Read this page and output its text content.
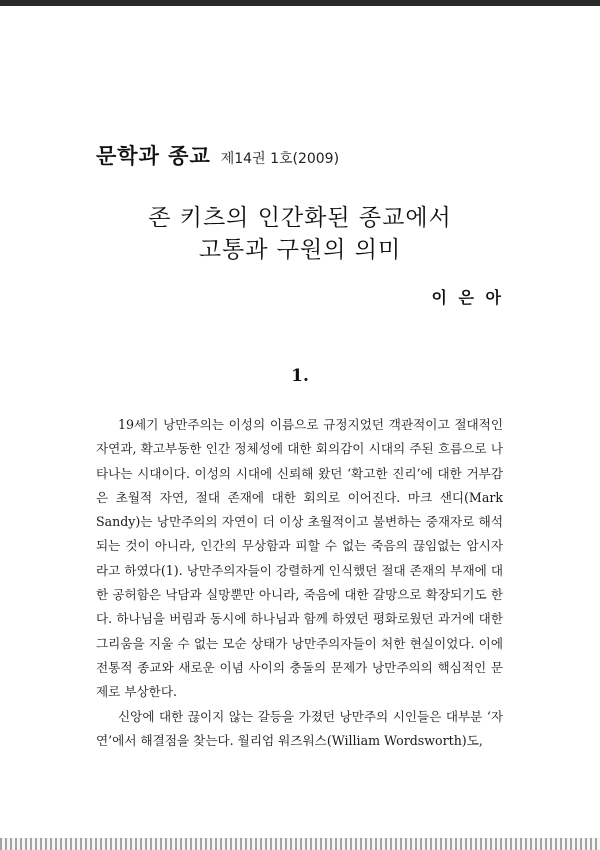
문학과 종교 제14권 1호(2009)
존 키츠의 인간화된 종교에서
고통과 구원의 의미
이 은 아
1.

19세기 낭만주의는 이성의 이름으로 규정지었던 객관적이고 절대적인 자연과, 확고부동한 인간 정체성에 대한 회의감이 시대의 주된 흐름으로 나타나는 시대이다. 이성의 시대에 신뢰해 왔던 ‘확고한 진리’에 대한 거부감은 초월적 자연, 절대 존재에 대한 회의로 이어진다. 마크 샌디(Mark Sandy)는 낭만주의의 자연이 더 이상 초월적이고 불변하는 중재자로 해석되는 것이 아니라, 인간의 무상함과 피할 수 없는 죽음의 끊임없는 암시자라고 하였다(1). 낭만주의자들이 강렬하게 인식했던 절대 존재의 부재에 대한 공허함은 낙담과 실망뿐만 아니라, 죽음에 대한 갈망으로 확장되기도 한다. 하나님을 버림과 동시에 하나님과 함께 하였던 평화로웠던 과거에 대한 그리움을 지울 수 없는 모순 상태가 낭만주의자들이 처한 현실이었다. 이에 전통적 종교와 새로운 이념 사이의 충돌의 문제가 낭만주의의 핵심적인 문제로 부상한다.

신앙에 대한 끊이지 않는 갈등을 가졌던 낭만주의 시인들은 대부분 ‘자연’에서 해결점을 찾는다. 월리엄 워즈워스(William Wordsworth)도,
